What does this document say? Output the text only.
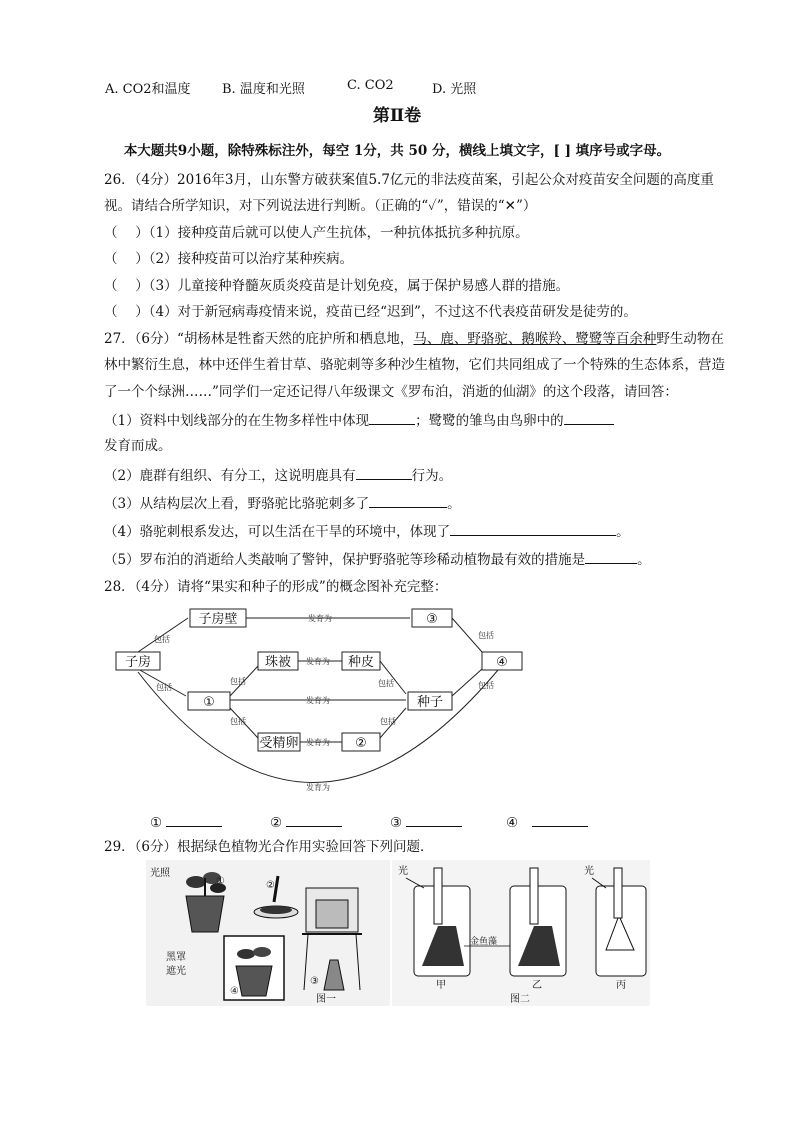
A. CO2和温度 B. 温度和光照	C. CO2	D. 光照
第Ⅱ卷
本大题共9小题，除特殊标注外，每空 1分，共 50 分，横线上填文字，[ ] 填序号或字母。
26．（4分）2016年3月，山东警方破获案值5.7亿元的非法疫苗案，引起公众对疫苗安全问题的高度重
视。请结合所学知识，对下列说法进行判断。（正确的“✓”，错误的“✕”）
（　 ）（1）接种疫苗后就可以使人产生抗体，一种抗体抵抗多种抗原。
（　 ）（2）接种疫苗可以治疗某种疾病。
（　 ）（3）儿童接种脊髓灰质炎疫苗是计划免疫，属于保护易感人群的措施。
（　 ）（4）对于新冠病毒疫情来说，疫苗已经“迟到”，不过这不代表疫苗研发是徒劳的。
27．（6分）“胡杨林是牲畜天然的庇护所和栖息地，马、鹿、野骆驼、鹅喉羚、鹭鹭等百余种野生动物在
林中繁衍生息，林中还伴生着甘草、骆驼刺等多种沙生植物，它们共同组成了一个特殊的生态体系，营造
了一个个绿洲……”同学们一定还记得八年级课文《罗布泊，消逝的仙湖》的这个段落，请回答：
（1）资料中划线部分的在生物多样性中体现	；鹭鹭的雏鸟由鸟卵中的
发育而成。
（2）鹿群有组织、有分工，这说明鹿具有	行为。
（3）从结构层次上看，野骆驼比骆驼刺多了	。
（4）骆驼刺根系发达，可以生活在干旱的环境中，体现了	。
（5）罗布泊的消逝给人类敲响了警钟，保护野骆驼等珍稀动植物最有效的措施是	。
28．（4分）请将“果实和种子的形成”的概念图补充完整：
包括
包括
发育为
包括
发育为
包括
发育为
包括
发育为
包括
包括
包括
发育为
子房
子房壁	③
珠被	种皮	④
①	种子
受精卵	②
①	②	③	④　
29．（6分）根据绿色植物光合作用实验回答下列问题．
光照
①	②
③
黑罩
遮光
④
图一
光
甲	乙
金鱼藻
光
丙
图二
